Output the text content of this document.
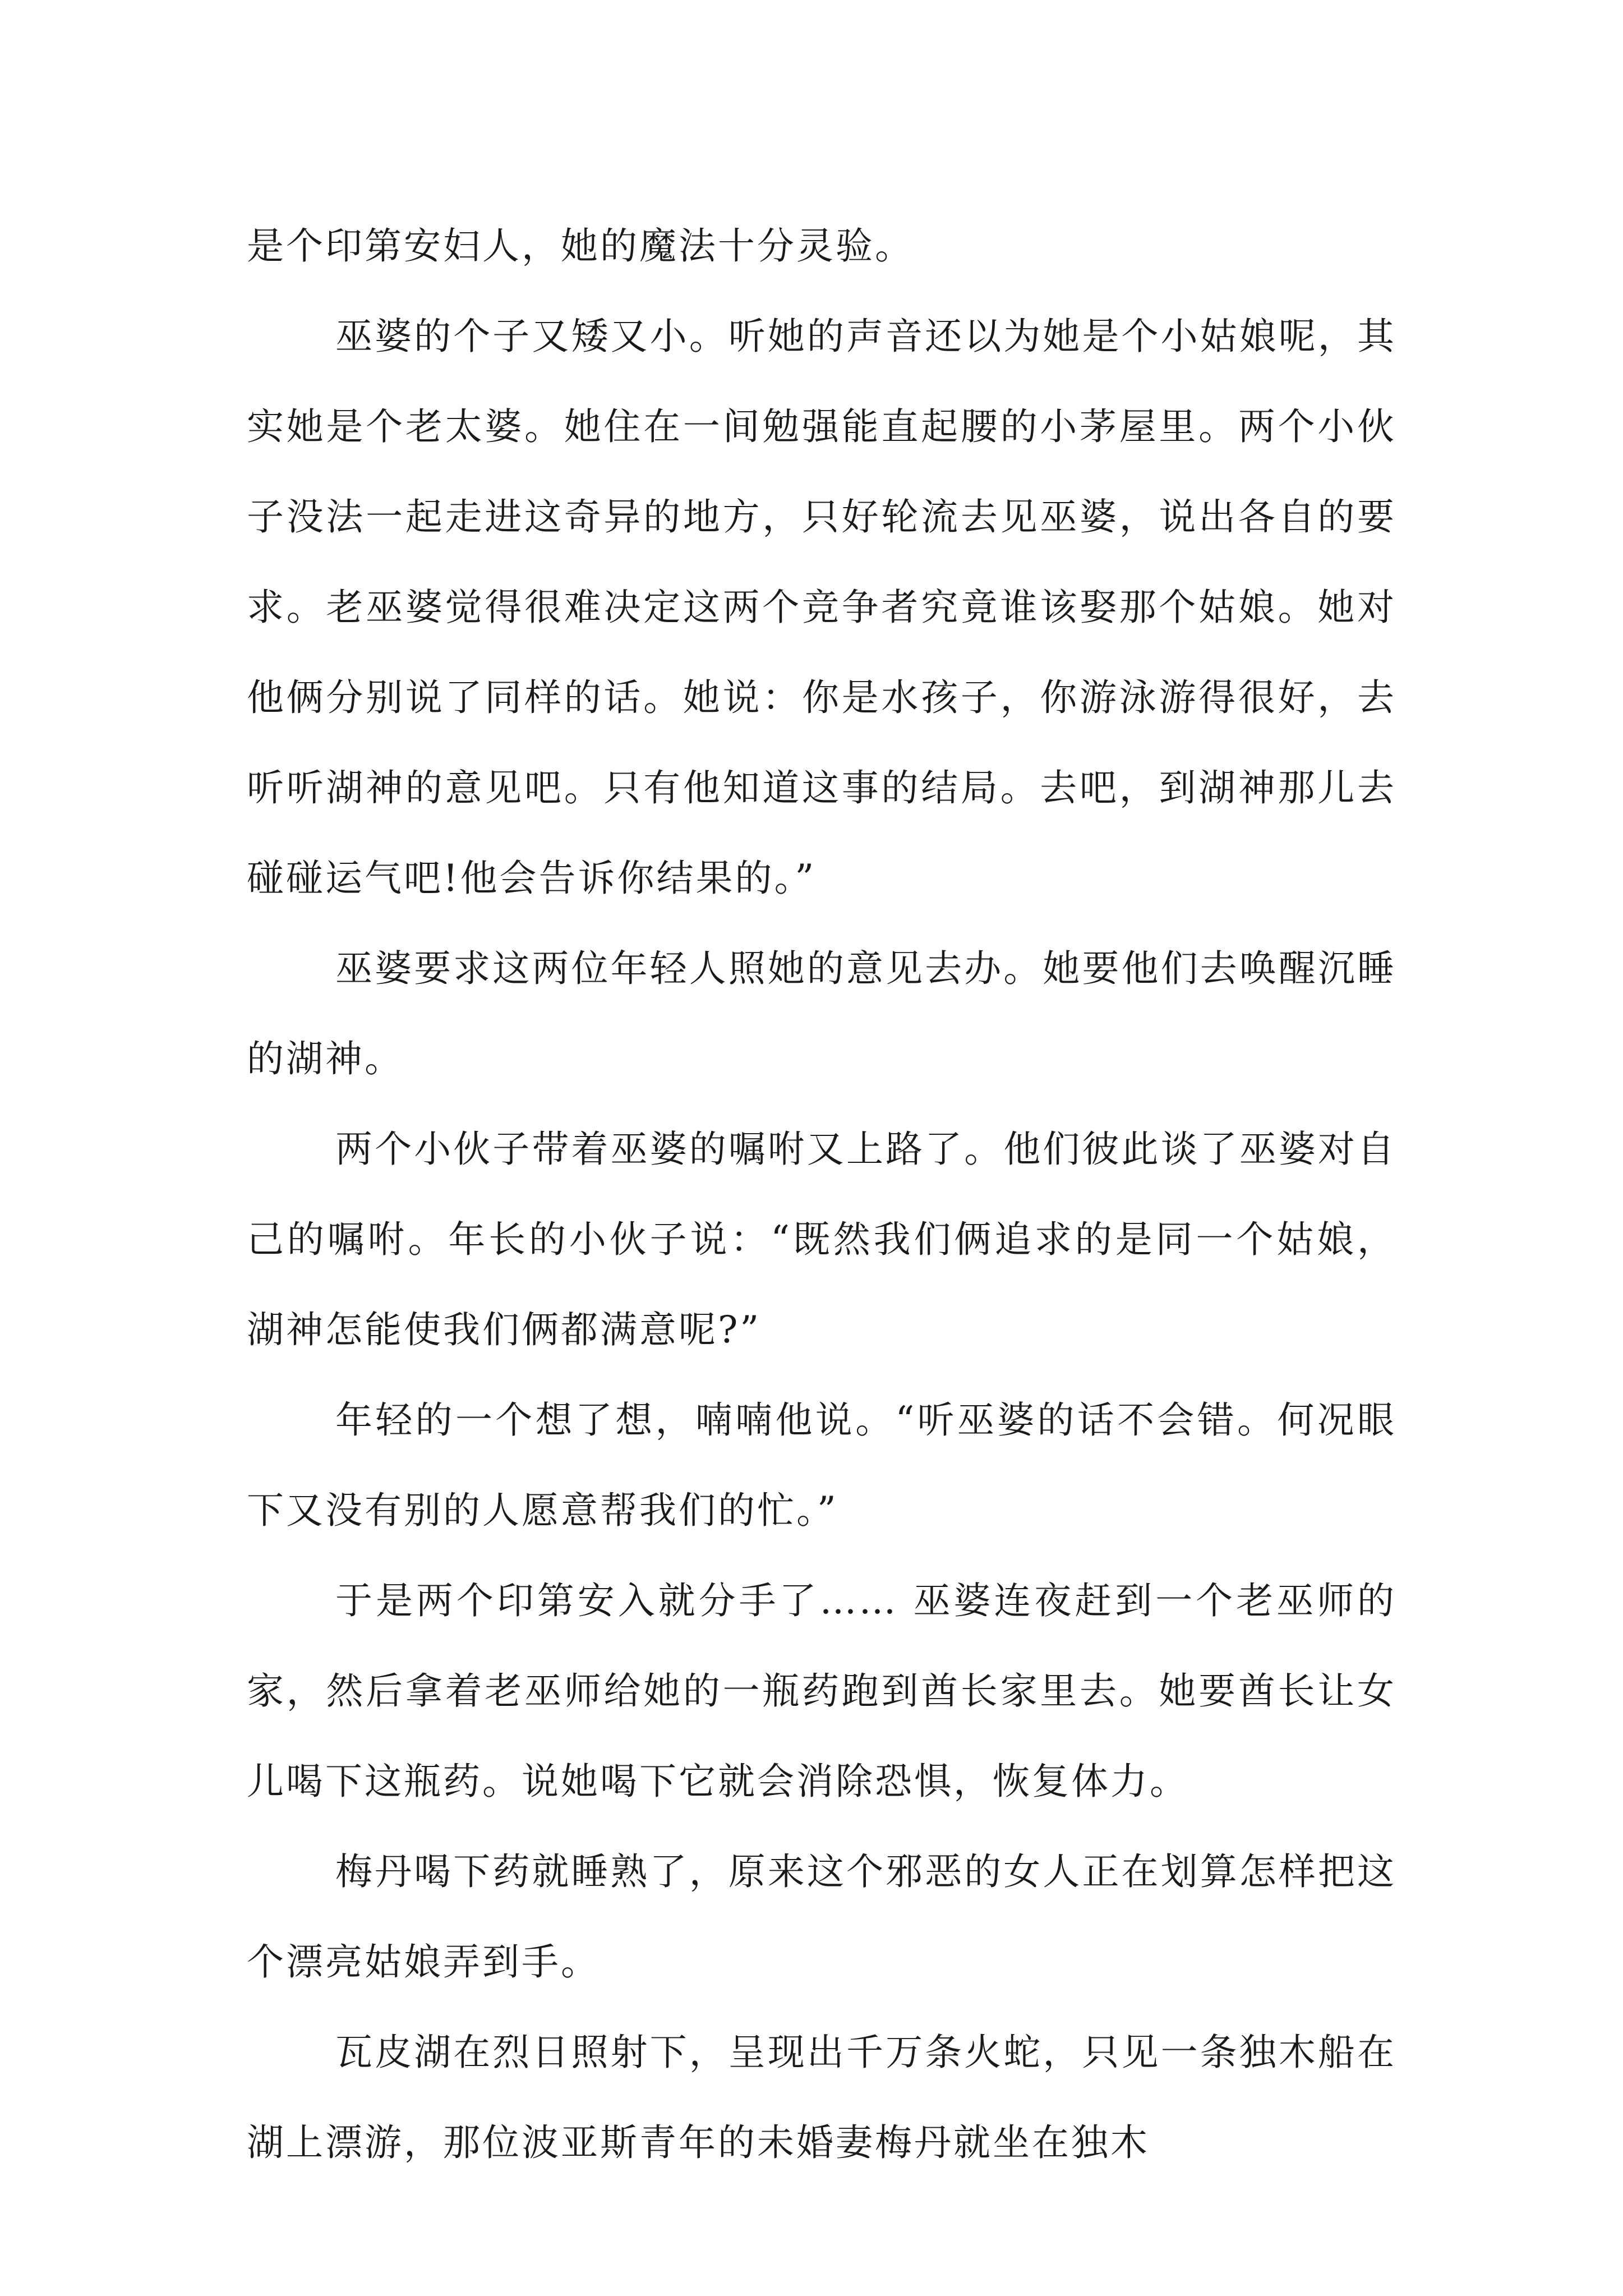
是个印第安妇人，她的魔法十分灵验。

巫婆的个子又矮又小。听她的声音还以为她是个小姑娘呢，其实她是个老太婆。她住在一间勉强能直起腰的小茅屋里。两个小伙子没法一起走进这奇异的地方，只好轮流去见巫婆，说出各自的要求。老巫婆觉得很难决定这两个竞争者究竟谁该娶那个姑娘。她对他俩分别说了同样的话。她说：你是水孩子，你游泳游得很好，去听听湖神的意见吧。只有他知道这事的结局。去吧，到湖神那儿去碰碰运气吧!他会告诉你结果的。”

巫婆要求这两位年轻人照她的意见去办。她要他们去唤醒沉睡的湖神。

两个小伙子带着巫婆的嘱咐又上路了。他们彼此谈了巫婆对自己的嘱咐。年长的小伙子说：“既然我们俩追求的是同一个姑娘，湖神怎能使我们俩都满意呢?”

年轻的一个想了想，喃喃他说。“听巫婆的话不会错。何况眼下又没有别的人愿意帮我们的忙。”

于是两个印第安入就分手了…… 巫婆连夜赶到一个老巫师的家，然后拿着老巫师给她的一瓶药跑到酋长家里去。她要酋长让女儿喝下这瓶药。说她喝下它就会消除恐惧，恢复体力。

梅丹喝下药就睡熟了，原来这个邪恶的女人正在划算怎样把这个漂亮姑娘弄到手。

瓦皮湖在烈日照射下，呈现出千万条火蛇，只见一条独木船在湖上漂游，那位波亚斯青年的未婚妻梅丹就坐在独木
